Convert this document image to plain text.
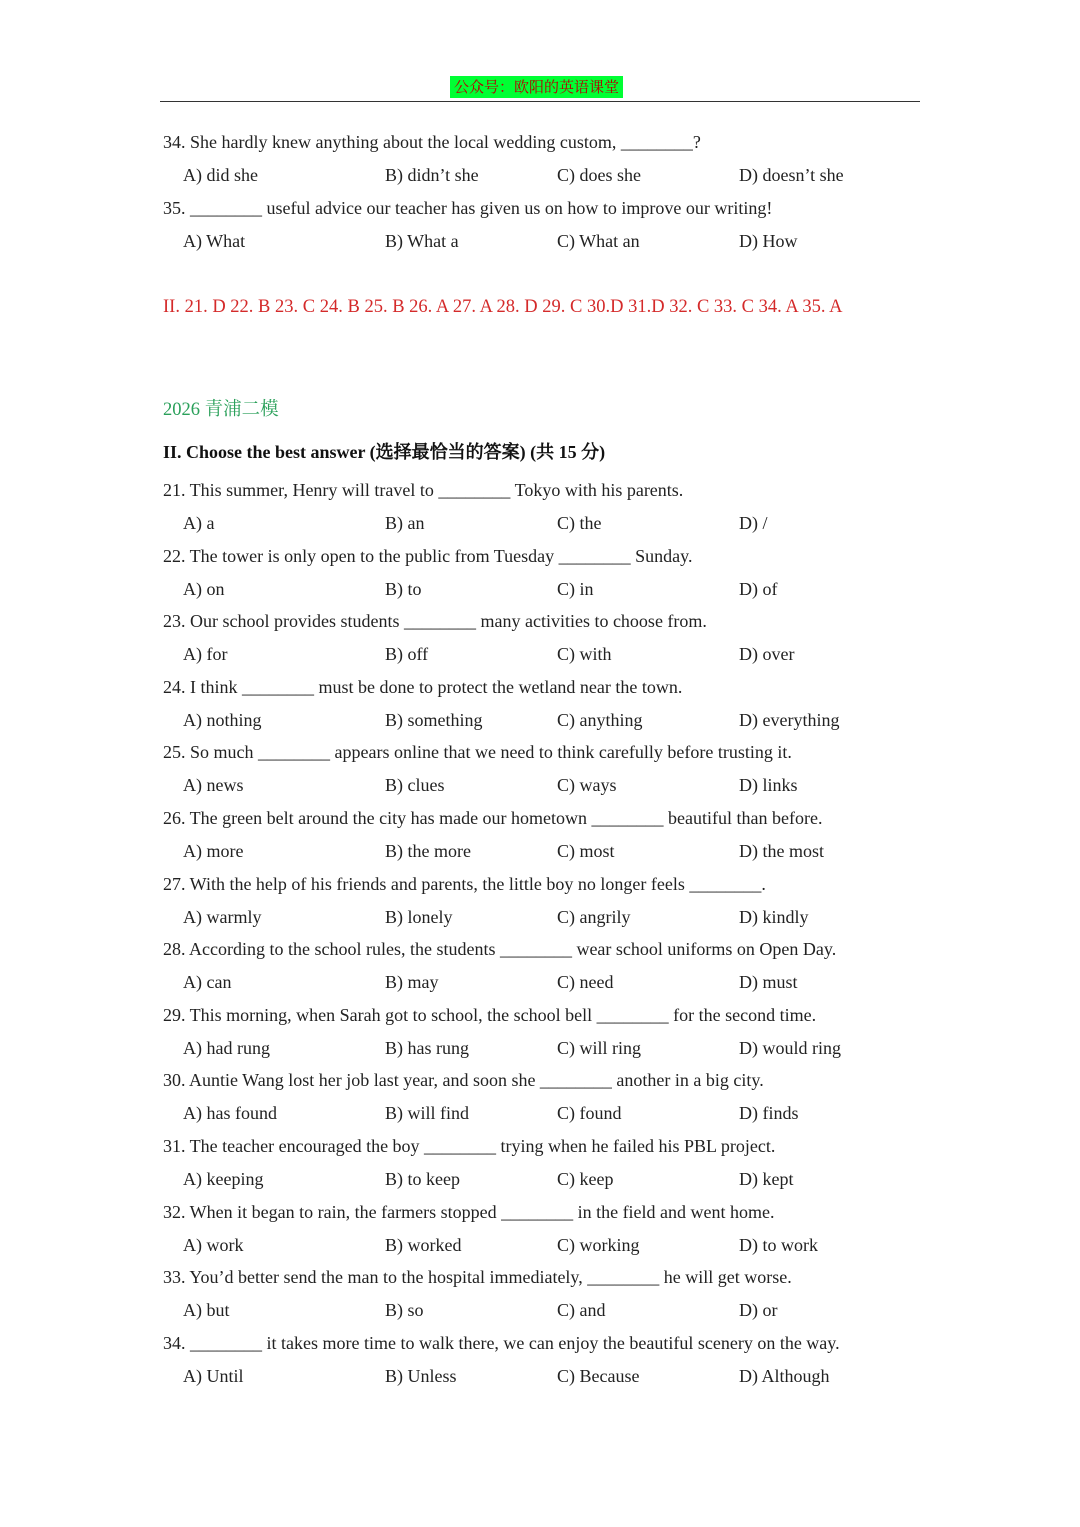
公众号：欧阳的英语课堂
34. She hardly knew anything about the local wedding custom, ________?
A) did she	B) didn’t she	C) does she	D) doesn’t she
35. ________ useful advice our teacher has given us on how to improve our writing!
A) What	B) What a	C) What an	D) How
II. 21. D 22. B 23. C 24. B 25. B 26. A 27. A 28. D 29. C 30.D 31.D 32. C 33. C 34. A 35. A
2026 青浦二模
II. Choose the best answer (选择最恰当的答案) (共 15 分)
21. This summer, Henry will travel to ________ Tokyo with his parents.
A) a	B) an	C) the	D) /
22. The tower is only open to the public from Tuesday ________ Sunday.
A) on	B) to	C) in	D) of
23. Our school provides students ________ many activities to choose from.
A) for	B) off	C) with	D) over
24. I think ________ must be done to protect the wetland near the town.
A) nothing	B) something	C) anything	D) everything
25. So much ________ appears online that we need to think carefully before trusting it.
A) news	B) clues	C) ways	D) links
26. The green belt around the city has made our hometown ________ beautiful than before.
A) more	B) the more	C) most	D) the most
27. With the help of his friends and parents, the little boy no longer feels ________.
A) warmly	B) lonely	C) angrily	D) kindly
28. According to the school rules, the students ________ wear school uniforms on Open Day.
A) can	B) may	C) need	D) must
29. This morning, when Sarah got to school, the school bell ________ for the second time.
A) had rung	B) has rung	C) will ring	D) would ring
30. Auntie Wang lost her job last year, and soon she ________ another in a big city.
A) has found	B) will find	C) found	D) finds
31. The teacher encouraged the boy ________ trying when he failed his PBL project.
A) keeping	B) to keep	C) keep	D) kept
32. When it began to rain, the farmers stopped ________ in the field and went home.
A) work	B) worked	C) working	D) to work
33. You’d better send the man to the hospital immediately, ________ he will get worse.
A) but	B) so	C) and	D) or
34. ________ it takes more time to walk there, we can enjoy the beautiful scenery on the way.
A) Until	B) Unless	C) Because	D) Although
